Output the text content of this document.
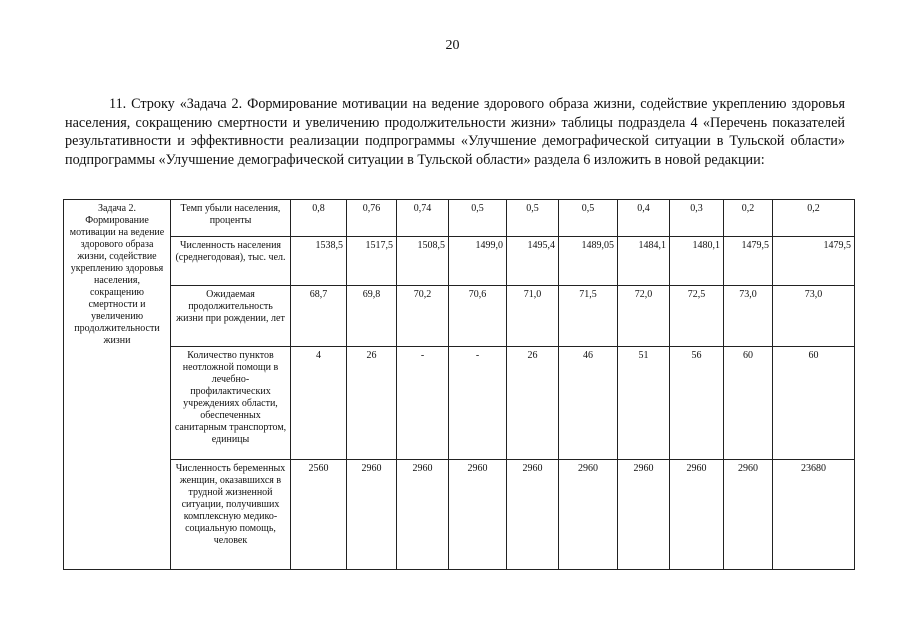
20

11. Строку «Задача 2. Формирование мотивации на ведение здорового образа жизни, содействие укреплению здоровья населения, сокращению смертности и увеличению продолжительности жизни» таблицы подраздела 4 «Перечень показателей результативности и эффективности реализации подпрограммы «Улучшение демографической ситуации в Тульской области» подпрограммы «Улучшение демографической ситуации в Тульской области» раздела 6 изложить в новой редакции:

Задача 2. Формирование мотивации на ведение здорового образа жизни, содействие укреплению здоровья населения, сокращению смертности и увеличению продолжительности жизни	Темп убыли населения, проценты	0,8	0,76	0,74	0,5	0,5	0,5	0,4	0,3	0,2	0,2
	Численность населения (среднегодовая), тыс. чел.	1538,5	1517,5	1508,5	1499,0	1495,4	1489,05	1484,1	1480,1	1479,5	1479,5
	Ожидаемая продолжительность жизни при рождении, лет	68,7	69,8	70,2	70,6	71,0	71,5	72,0	72,5	73,0	73,0
	Количество пунктов неотложной помощи в лечебно-профилактических учреждениях области, обеспеченных санитарным транспортом, единицы	4	26	-	-	26	46	51	56	60	60
	Численность беременных женщин, оказавшихся в трудной жизненной ситуации, получивших комплексную медико-социальную помощь, человек	2560	2960	2960	2960	2960	2960	2960	2960	2960	23680
